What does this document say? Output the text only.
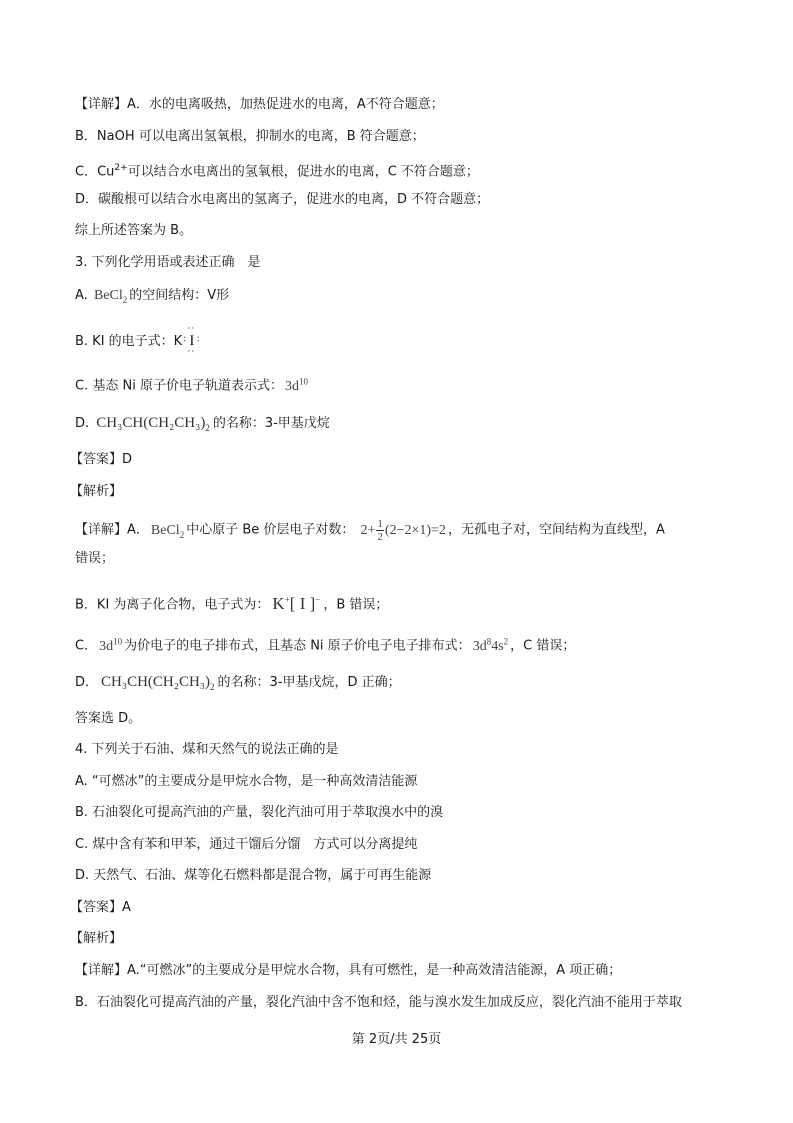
【详解】A．水的电离吸热，加热促进水的电离，A不符合题意；
B．NaOH 可以电离出氢氧根，抑制水的电离，B 符合题意；
C．$Cu^{2+}$可以结合水电离出的氢氧根，促进水的电离，C 不符合题意；
D．碳酸根可以结合水电离出的氢离子，促进水的电离，D 不符合题意；
综上所述答案为 B。
3. 下列化学用语或表述正确　是
A. BeCl$_2$ 的空间结构：V形
B. KI 的电子式：K
··
: I :
··
C. 基态 Ni 原子价电子轨道表示式： $3d^{10}$
D. $CH_3CH(CH_2CH_3)_2$ 的名称：3-甲基戊烷
【答案】D
【解析】
【详解】A． BeCl$_2$ 中心原子 Be 价层电子对数： $2+ \frac{1}{2} (2-2\times 1)=2$ ，无孤电子对，空间结构为直线型，A
错误；
B．KI 为离子化合物，电子式为： K+[ I ]− ，B 错误；
C． $3d^{10}$ 为价电子的电子排布式，且基态 Ni 原子价电子电子排布式： $3d^84s^2$ ，C 错误；
D． $CH_3CH(CH_2CH_3)_2$ 的名称：3-甲基戊烷，D 正确；
答案选 D。
4. 下列关于石油、煤和天然气的说法正确的是
A. “可燃冰”的主要成分是甲烷水合物，是一种高效清洁能源
B. 石油裂化可提高汽油的产量，裂化汽油可用于萃取溴水中的溴
C. 煤中含有苯和甲苯，通过干馏后分馏　方式可以分离提纯
D. 天然气、石油、煤等化石燃料都是混合物，属于可再生能源
【答案】A
【解析】
【详解】A.“可燃冰”的主要成分是甲烷水合物，具有可燃性，是一种高效清洁能源，A 项正确；
B．石油裂化可提高汽油的产量，裂化汽油中含不饱和烃，能与溴水发生加成反应，裂化汽油不能用于萃取
第 2页/共 25页
